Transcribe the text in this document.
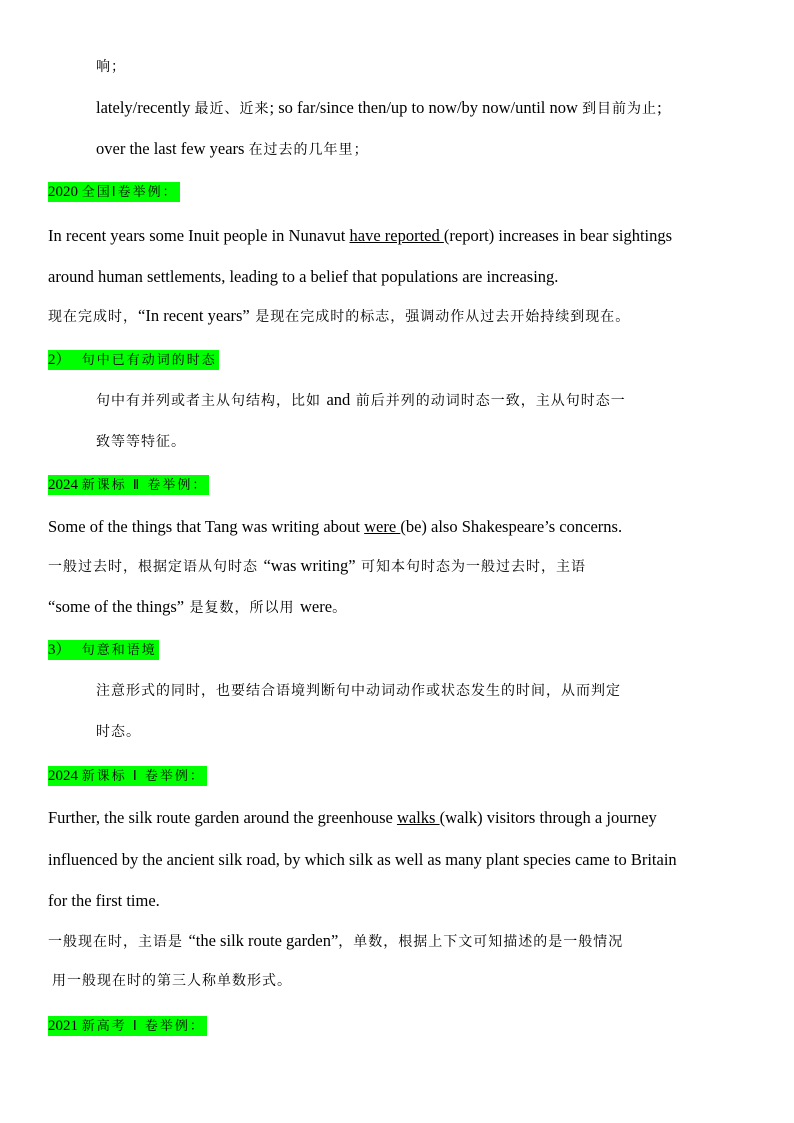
响；
lately/recently 最近、近来; so far/since then/up to now/by now/until now 到目前为止;
over the last few years 在过去的几年里；
2020 全国Ⅰ卷举例：
In recent years some Inuit people in Nunavut have reported (report) increases in bear sightings
around human settlements, leading to a belief that populations are increasing.
现在完成时，“In recent years” 是现在完成时的标志，强调动作从过去开始持续到现在。
2） 句中已有动词的时态
句中有并列或者主从句结构，比如 and 前后并列的动词时态一致，主从句时态一
致等等特征。
2024 新课标 Ⅱ 卷举例：
Some of the things that Tang was writing about were (be) also Shakespeare’s concerns.
一般过去时，根据定语从句时态 “was writing” 可知本句时态为一般过去时，主语
“some of the things” 是复数，所以用 were。
3） 句意和语境
注意形式的同时，也要结合语境判断句中动词动作或状态发生的时间，从而判定
时态。
2024 新课标 Ⅰ 卷举例：
Further, the silk route garden around the greenhouse walks (walk) visitors through a journey
influenced by the ancient silk road, by which silk as well as many plant species came to Britain
for the first time.
一般现在时，主语是 “the silk route garden”，单数，根据上下文可知描述的是一般情况
用一般现在时的第三人称单数形式。
2021 新高考 Ⅰ 卷举例：
